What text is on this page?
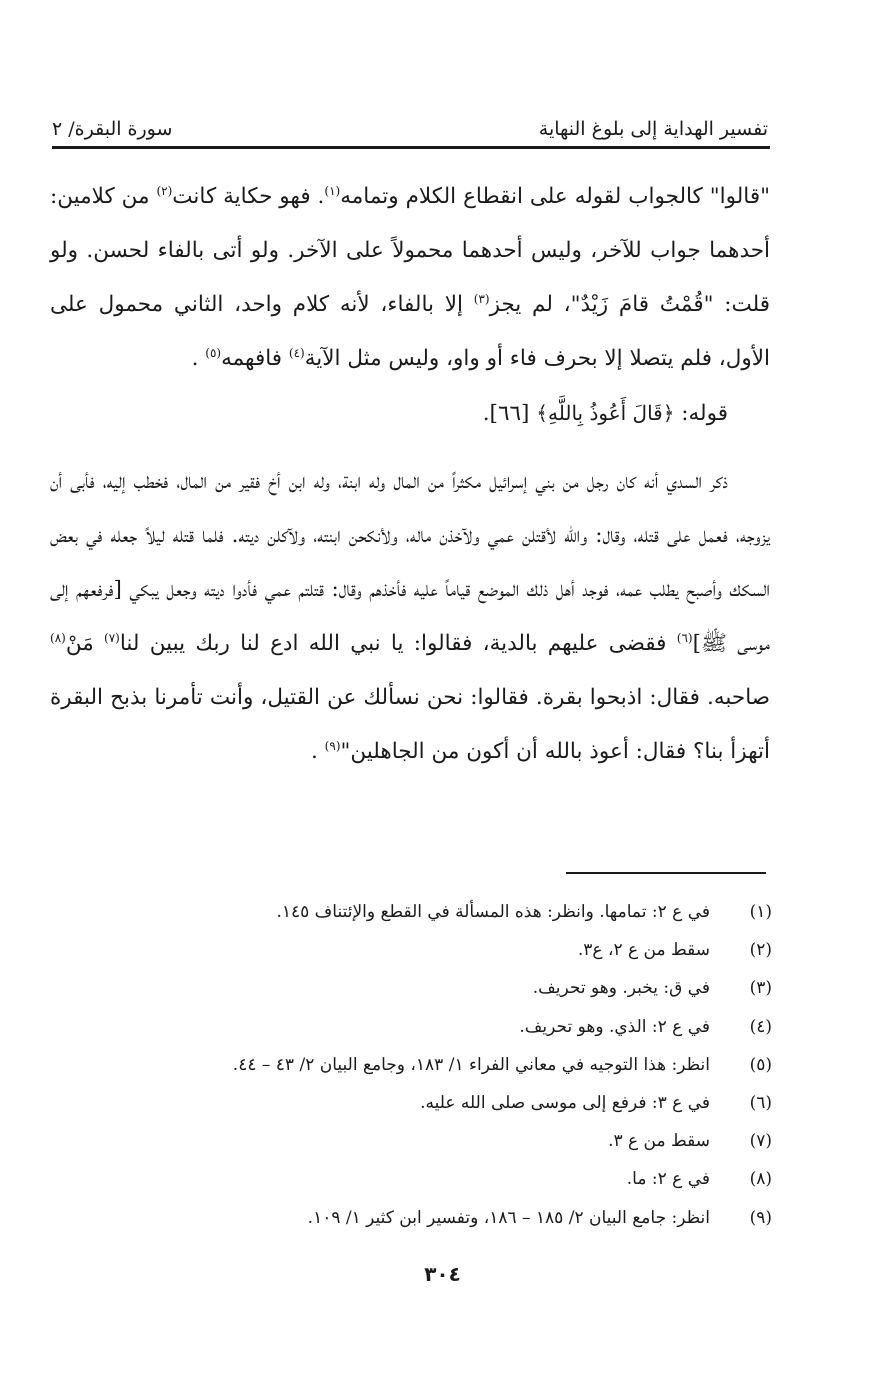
تفسير الهداية إلى بلوغ النهاية
سورة البقرة/ ٢

"قالوا" كالجواب لقوله على انقطاع الكلام وتمامه$^{(١)}$. فهو حكاية كانت$^{(٢)}$ من كلامين: أحدهما جواب للآخر، وليس أحدهما محمولاً على الآخر. ولو أتى بالفاء لحسن. ولو قلت: "قُمْتُ قامَ زَيْدٌ"، لم يجز$^{(٣)}$ إلا بالفاء، لأنه كلام واحد، الثاني محمول على الأول، فلم يتصلا إلا بحرف فاء أو واو، وليس مثل الآية$^{(٤)}$ فافهمه$^{(٥)}$ .

قوله: ﴿قَالَ أَعُوذُ بِاللَّهِ﴾ [٦٦].

ذكر السدي أنه كان رجل من بني إسرائيل مكثراً من المال وله ابنة، وله ابن أخ فقير من المال، فخطب إليه، فأبى أن يزوجه، فعمل على قتله، وقال: والله لأقتلن عمي ولآخذن ماله، ولأنكحن ابنته، ولآكلن ديته. فلما قتله ليلاً جعله في بعض السكك وأصبح يطلب عمه، فوجد أهل ذلك الموضع قياماً عليه فأخذهم وقال: قتلتم عمي فأدوا ديته وجعل يبكي [فرفعهم إلى موسى ﷺ]$^{(٦)}$ فقضى عليهم بالدية، فقالوا: يا نبي الله ادع لنا ربك يبين لنا$^{(٧)}$ مَنْ$^{(٨)}$ صاحبه. فقال: اذبحوا بقرة. فقالوا: نحن نسألك عن القتيل، وأنت تأمرنا بذبح البقرة أتهزأ بنا؟ فقال: أعوذ بالله أن أكون من الجاهلين"$^{(٩)}$ .

(١)في ع ٢: تمامها. وانظر: هذه المسألة في القطع والإئتناف ١٤٥.
(٢)سقط من ع ٢، ع٣.
(٣)في ق: يخبر. وهو تحريف.
(٤)في ع ٢: الذي. وهو تحريف.
(٥)انظر: هذا التوجيه في معاني الفراء ١/ ١٨٣، وجامع البيان ٢/ ٤٣ – ٤٤.
(٦)في ع ٣: فرفع إلى موسى صلى الله عليه.
(٧)سقط من ع ٣.
(٨)في ع ٢: ما.
(٩)انظر: جامع البيان ٢/ ١٨٥ – ١٨٦، وتفسير ابن كثير ١/ ١٠٩.
٣٠٤
